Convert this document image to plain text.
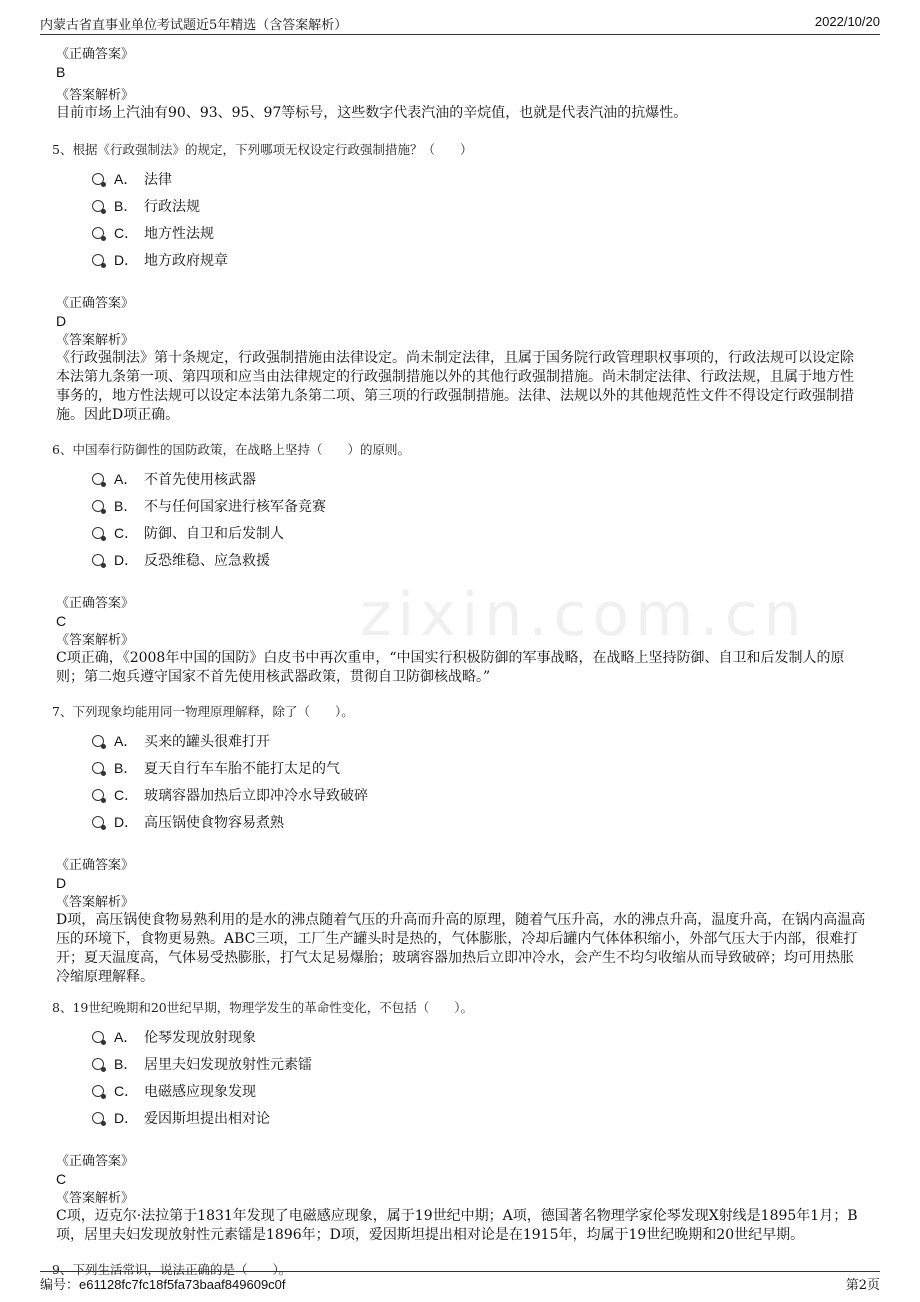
内蒙古省直事业单位考试题近5年精选（含答案解析）	2022/10/20
zixin.com.cn
《正确答案》
B
《答案解析》
目前市场上汽油有90、93、95、97等标号，这些数字代表汽油的辛烷值，也就是代表汽油的抗爆性。
5、根据《行政强制法》的规定，下列哪项无权设定行政强制措施？（　　）
A． 法律
B． 行政法规
C． 地方性法规
D． 地方政府规章
《正确答案》
D
《答案解析》
《行政强制法》第十条规定，行政强制措施由法律设定。尚未制定法律，且属于国务院行政管理职权事项的，行政法规可以设定除本法第九条第一项、第四项和应当由法律规定的行政强制措施以外的其他行政强制措施。尚未制定法律、行政法规，且属于地方性事务的，地方性法规可以设定本法第九条第二项、第三项的行政强制措施。法律、法规以外的其他规范性文件不得设定行政强制措施。因此D项正确。
6、中国奉行防御性的国防政策，在战略上坚持（　　）的原则。
A． 不首先使用核武器
B． 不与任何国家进行核军备竞赛
C． 防御、自卫和后发制人
D． 反恐维稳、应急救援
《正确答案》
C
《答案解析》
C项正确，《2008年中国的国防》白皮书中再次重申，“中国实行积极防御的军事战略，在战略上坚持防御、自卫和后发制人的原则；第二炮兵遵守国家不首先使用核武器政策，贯彻自卫防御核战略。”
7、下列现象均能用同一物理原理解释，除了（　　）。
A． 买来的罐头很难打开
B． 夏天自行车车胎不能打太足的气
C． 玻璃容器加热后立即冲冷水导致破碎
D． 高压锅使食物容易煮熟
《正确答案》
D
《答案解析》
D项，高压锅使食物易熟利用的是水的沸点随着气压的升高而升高的原理，随着气压升高，水的沸点升高，温度升高，在锅内高温高压的环境下，食物更易熟。ABC三项，工厂生产罐头时是热的，气体膨胀，冷却后罐内气体体积缩小，外部气压大于内部，很难打开；夏天温度高，气体易受热膨胀，打气太足易爆胎；玻璃容器加热后立即冲冷水，会产生不均匀收缩从而导致破碎；均可用热胀冷缩原理解释。
8、19世纪晚期和20世纪早期，物理学发生的革命性变化，不包括（　　）。
A． 伦琴发现放射现象
B． 居里夫妇发现放射性元素镭
C． 电磁感应现象发现
D． 爱因斯坦提出相对论
《正确答案》
C
《答案解析》
C项，迈克尔·法拉第于1831年发现了电磁感应现象，属于19世纪中期；A项，德国著名物理学家伦琴发现X射线是1895年1月；B项，居里夫妇发现放射性元素镭是1896年；D项，爱因斯坦提出相对论是在1915年，均属于19世纪晚期和20世纪早期。
9、下列生活常识，说法正确的是（　　）。
编号：e61128fc7fc18f5fa73baaf849609c0f	第2页
